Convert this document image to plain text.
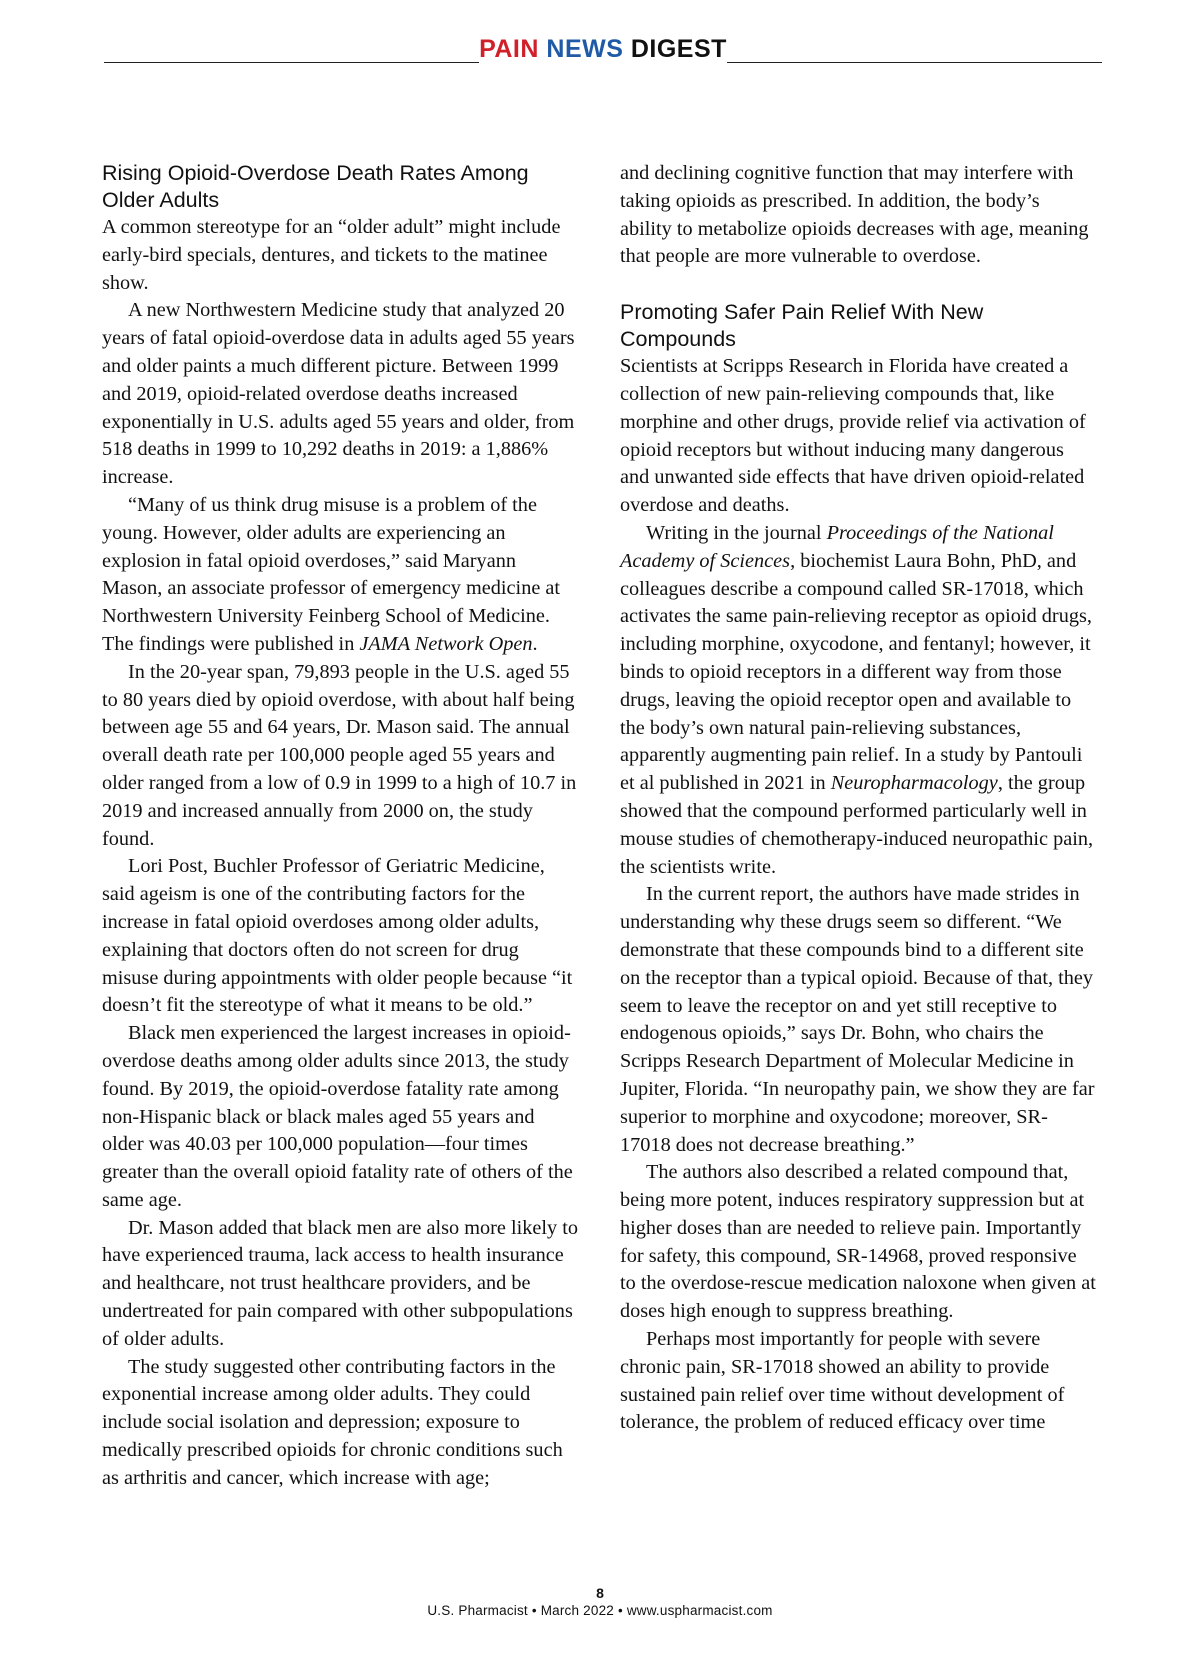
PAIN NEWS DIGEST
Rising Opioid-Overdose Death Rates Among Older Adults

A common stereotype for an “older adult” might include early-bird specials, dentures, and tickets to the matinee show.

A new Northwestern Medicine study that analyzed 20 years of fatal opioid-overdose data in adults aged 55 years and older paints a much different picture. Between 1999 and 2019, opioid-related overdose deaths increased exponentially in U.S. adults aged 55 years and older, from 518 deaths in 1999 to 10,292 deaths in 2019: a 1,886% increase.

“Many of us think drug misuse is a problem of the young. However, older adults are experiencing an explosion in fatal opioid overdoses,” said Maryann Mason, an associate professor of emergency medicine at Northwestern University Feinberg School of Medicine. The findings were published in JAMA Network Open.

In the 20-year span, 79,893 people in the U.S. aged 55 to 80 years died by opioid overdose, with about half being between age 55 and 64 years, Dr. Mason said. The annual overall death rate per 100,000 people aged 55 years and older ranged from a low of 0.9 in 1999 to a high of 10.7 in 2019 and increased annually from 2000 on, the study found.

Lori Post, Buchler Professor of Geriatric Medicine, said ageism is one of the contributing factors for the increase in fatal opioid overdoses among older adults, explaining that doctors often do not screen for drug misuse during appointments with older people because “it doesn’t fit the stereotype of what it means to be old.”

Black men experienced the largest increases in opioid-overdose deaths among older adults since 2013, the study found. By 2019, the opioid-overdose fatality rate among non-Hispanic black or black males aged 55 years and older was 40.03 per 100,000 population—four times greater than the overall opioid fatality rate of others of the same age.

Dr. Mason added that black men are also more likely to have experienced trauma, lack access to health insurance and healthcare, not trust healthcare providers, and be undertreated for pain compared with other subpopulations of older adults.

The study suggested other contributing factors in the exponential increase among older adults. They could include social isolation and depression; exposure to medically prescribed opioids for chronic conditions such as arthritis and cancer, which increase with age;

and declining cognitive function that may interfere with taking opioids as prescribed. In addition, the body’s ability to metabolize opioids decreases with age, meaning that people are more vulnerable to overdose.

Promoting Safer Pain Relief With New Compounds

Scientists at Scripps Research in Florida have created a collection of new pain-relieving compounds that, like morphine and other drugs, provide relief via activation of opioid receptors but without inducing many dangerous and unwanted side effects that have driven opioid-related overdose and deaths.

Writing in the journal Proceedings of the National Academy of Sciences, biochemist Laura Bohn, PhD, and colleagues describe a compound called SR-17018, which activates the same pain-relieving receptor as opioid drugs, including morphine, oxycodone, and fentanyl; however, it binds to opioid receptors in a different way from those drugs, leaving the opioid receptor open and available to the body’s own natural pain-relieving substances, apparently augmenting pain relief. In a study by Pantouli et al published in 2021 in Neuropharmacology, the group showed that the compound performed particularly well in mouse studies of chemotherapy-induced neuropathic pain, the scientists write.

In the current report, the authors have made strides in understanding why these drugs seem so different. “We demonstrate that these compounds bind to a different site on the receptor than a typical opioid. Because of that, they seem to leave the receptor on and yet still receptive to endogenous opioids,” says Dr. Bohn, who chairs the Scripps Research Department of Molecular Medicine in Jupiter, Florida. “In neuropathy pain, we show they are far superior to morphine and oxycodone; moreover, SR-17018 does not decrease breathing.”

The authors also described a related compound that, being more potent, induces respiratory suppression but at higher doses than are needed to relieve pain. Importantly for safety, this compound, SR-14968, proved responsive to the overdose-rescue medication naloxone when given at doses high enough to suppress breathing.

Perhaps most importantly for people with severe chronic pain, SR-17018 showed an ability to provide sustained pain relief over time without development of tolerance, the problem of reduced efficacy over time

8
U.S. Pharmacist • March 2022 • www.uspharmacist.com
